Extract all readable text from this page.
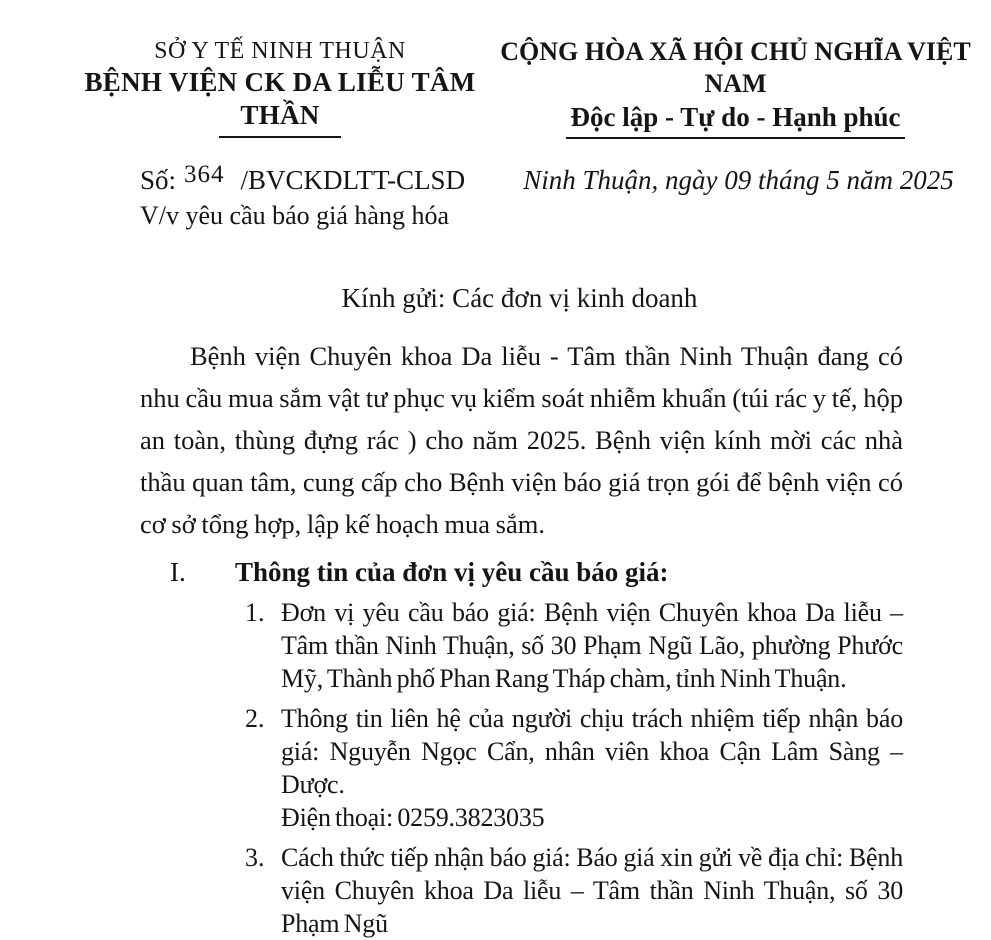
SỞ Y TẾ NINH THUẬN
BỆNH VIỆN CK DA LIỄU TÂM THẦN
CỘNG HÒA XÃ HỘI CHỦ NGHĨA VIỆT NAM
Độc lập - Tự do - Hạnh phúc
Số: 364 /BVCKDLTT-CLSD
V/v yêu cầu báo giá hàng hóa
Ninh Thuận, ngày 09 tháng 5 năm 2025
Kính gửi: Các đơn vị kinh doanh

Bệnh viện Chuyên khoa Da liễu - Tâm thần Ninh Thuận đang có nhu cầu mua sắm vật tư phục vụ kiểm soát nhiễm khuẩn (túi rác y tế, hộp an toàn, thùng đựng rác ) cho năm 2025. Bệnh viện kính mời các nhà thầu quan tâm, cung cấp cho Bệnh viện báo giá trọn gói để bệnh viện có cơ sở tổng hợp, lập kế hoạch mua sắm.

I. Thông tin của đơn vị yêu cầu báo giá:
1. Đơn vị yêu cầu báo giá: Bệnh viện Chuyên khoa Da liễu – Tâm thần Ninh Thuận, số 30 Phạm Ngũ Lão, phường Phước Mỹ, Thành phố Phan Rang Tháp chàm, tỉnh Ninh Thuận.
2. Thông tin liên hệ của người chịu trách nhiệm tiếp nhận báo giá: Nguyễn Ngọc Cẩn, nhân viên khoa Cận Lâm Sàng – Dược.
Điện thoại: 0259.3823035
3. Cách thức tiếp nhận báo giá: Báo giá xin gửi về địa chỉ: Bệnh viện Chuyên khoa Da liễu – Tâm thần Ninh Thuận, số 30 Phạm Ngũ
